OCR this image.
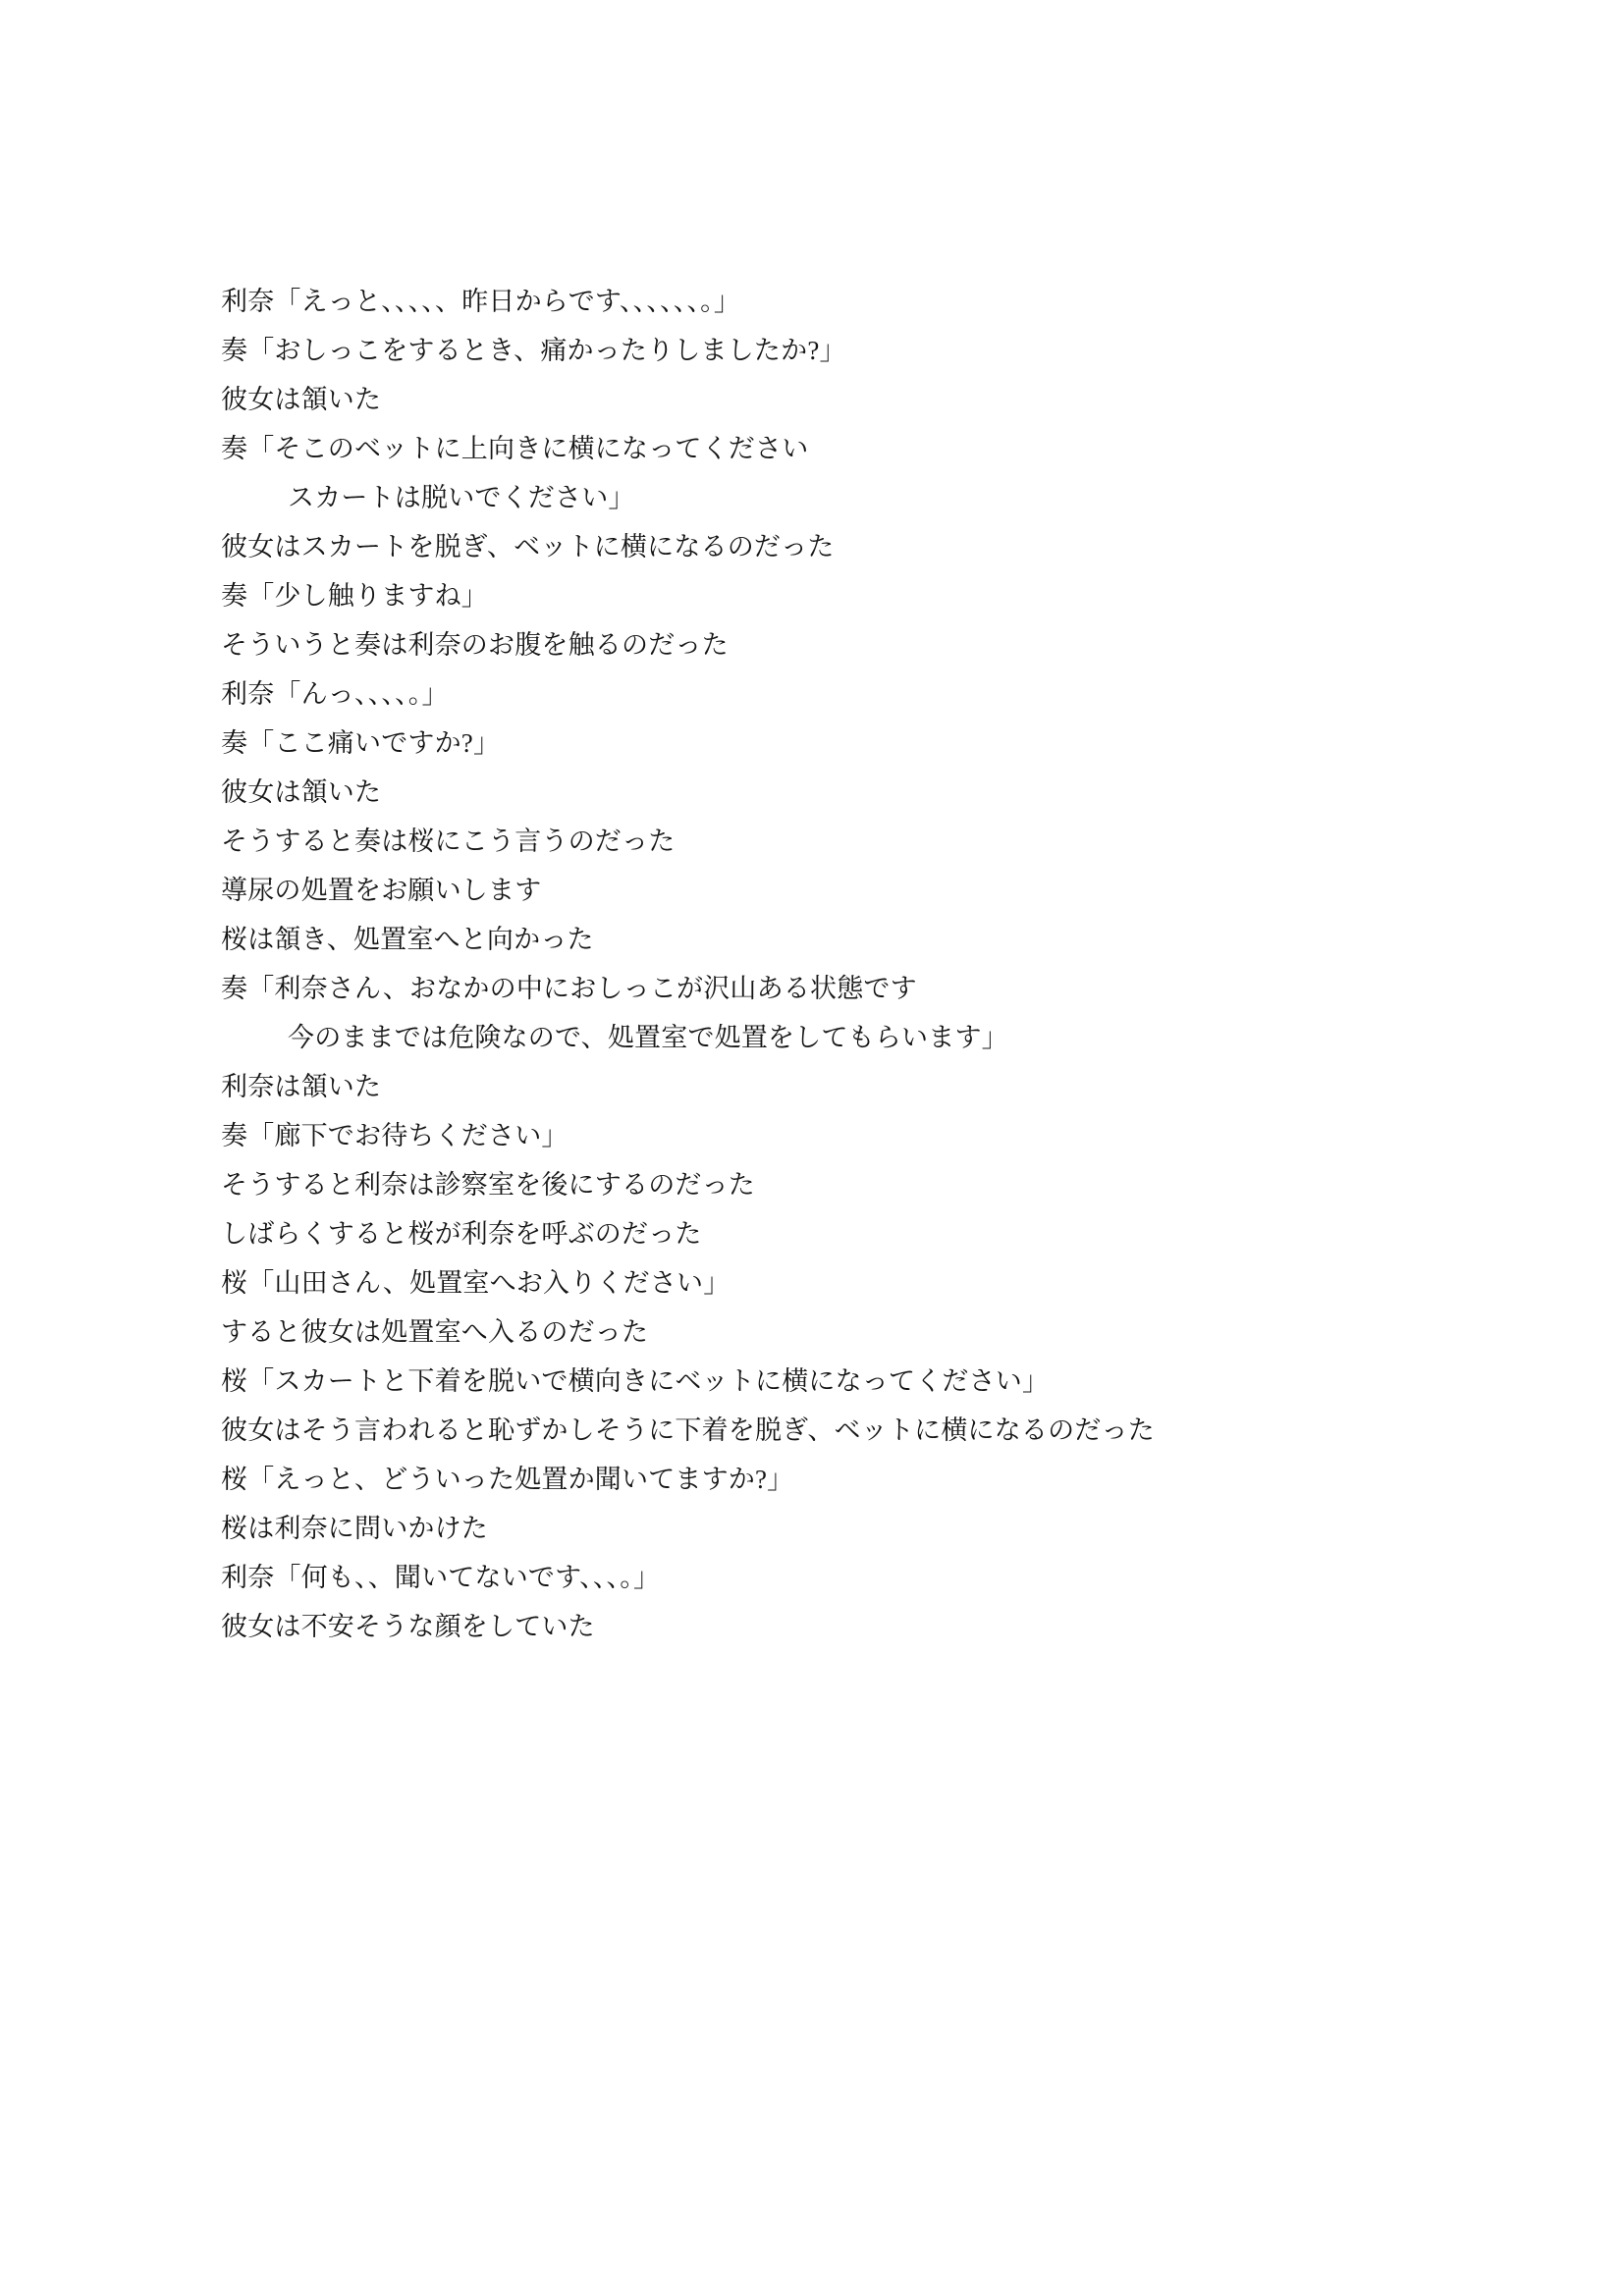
利奈「えっと、、、、、昨日からです、、、、、、。」
奏「おしっこをするとき、痛かったりしましたか?」
彼女は頷いた
奏「そこのベットに上向きに横になってください
スカートは脱いでください」
彼女はスカートを脱ぎ、ベットに横になるのだった
奏「少し触りますね」
そういうと奏は利奈のお腹を触るのだった
利奈「んっ、、、、。」
奏「ここ痛いですか?」
彼女は頷いた
そうすると奏は桜にこう言うのだった
導尿の処置をお願いします
桜は頷き、処置室へと向かった
奏「利奈さん、おなかの中におしっこが沢山ある状態です
今のままでは危険なので、処置室で処置をしてもらいます」
利奈は頷いた
奏「廊下でお待ちください」
そうすると利奈は診察室を後にするのだった
しばらくすると桜が利奈を呼ぶのだった
桜「山田さん、処置室へお入りください」
すると彼女は処置室へ入るのだった
桜「スカートと下着を脱いで横向きにベットに横になってください」
彼女はそう言われると恥ずかしそうに下着を脱ぎ、ベットに横になるのだった
桜「えっと、どういった処置か聞いてますか?」
桜は利奈に問いかけた
利奈「何も、、聞いてないです、、、。」
彼女は不安そうな顔をしていた
